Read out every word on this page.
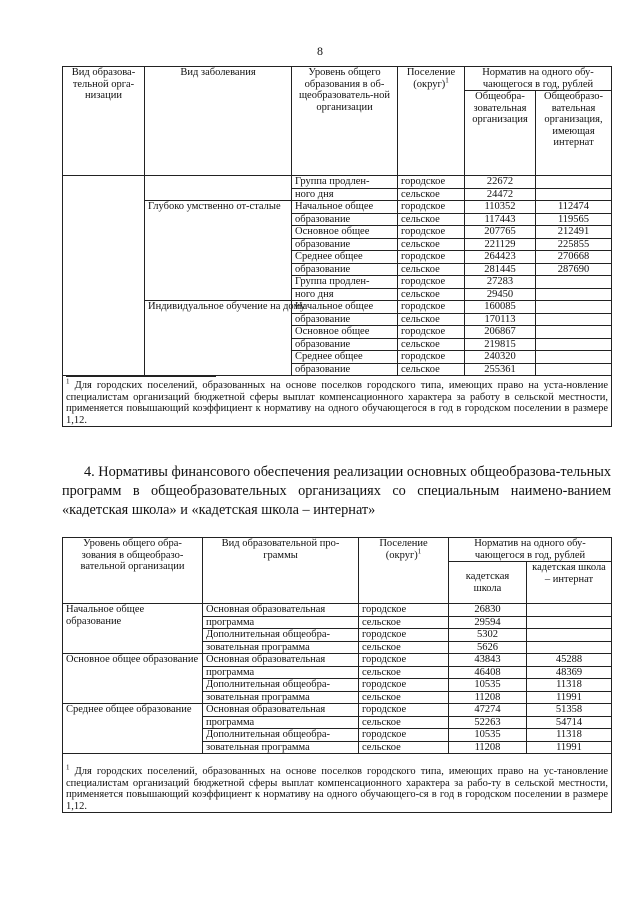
8
Вид образова-тельной орга-низации	Вид заболевания	Уровень общего образования в об-щеобразователь-ной организации	Поселение (округ)$^1$	Норматив на одного обу-чающегося в год, рублей	
				Общеобра-зовательная организация	Общеобразо-вательная организация, имеющая интернат
		Группа продлен-	городское	22672	
		ного дня	сельское	24472	
	Глубоко умственно от-сталые	Начальное общее	городское	110352	112474
		образование	сельское	117443	119565
		Основное общее	городское	207765	212491
		образование	сельское	221129	225855
		Среднее общее	городское	264423	270668
		образование	сельское	281445	287690
		Группа продлен-	городское	27283	
		ного дня	сельское	29450	
	Индивидуальное обучение на дому	Начальное общее	городское	160085	
		образование	сельское	170113	
		Основное общее	городское	206867	
		образование	сельское	219815	
		Среднее общее	городское	240320	
		образование	сельское	255361	

$^1$ Для городских поселений, образованных на основе поселков городского типа, имеющих право на уста-новление специалистам организаций бюджетной сферы выплат компенсационного характера за работу в сельской местности, применяется повышающий коэффициент к нормативу на одного обучающегося в год в городском поселении в размере 1,12.					

4. Нормативы финансового обеспечения реализации основных общеобразова-тельных программ в общеобразовательных организациях со специальным наимено-ванием «кадетская школа» и «кадетская школа – интернат»

Уровень общего обра-зования в общеобразо-вательной организации	Вид образовательной про-граммы	Поселение (округ)$^1$	Норматив на одного обу-чающегося в год, рублей	
			кадетская школа	кадетская школа – интернат
Начальное общее образование	Основная образовательная	городское	26830	
	программа	сельское	29594	
	Дополнительная общеобра-	городское	5302	
	зовательная программа	сельское	5626	
Основное общее образование	Основная образовательная	городское	43843	45288
	программа	сельское	46408	48369
	Дополнительная общеобра-	городское	10535	11318
	зовательная программа	сельское	11208	11991
Среднее общее образование	Основная образовательная	городское	47274	51358
	программа	сельское	52263	54714
	Дополнительная общеобра-	городское	10535	11318
	зовательная программа	сельское	11208	11991
$^1$ Для городских поселений, образованных на основе поселков городского типа, имеющих право на ус-тановление специалистам организаций бюджетной сферы выплат компенсационного характера за рабо-ту в сельской местности, применяется повышающий коэффициент к нормативу на одного обучающего-ся в год в городском поселении в размере 1,12.				
